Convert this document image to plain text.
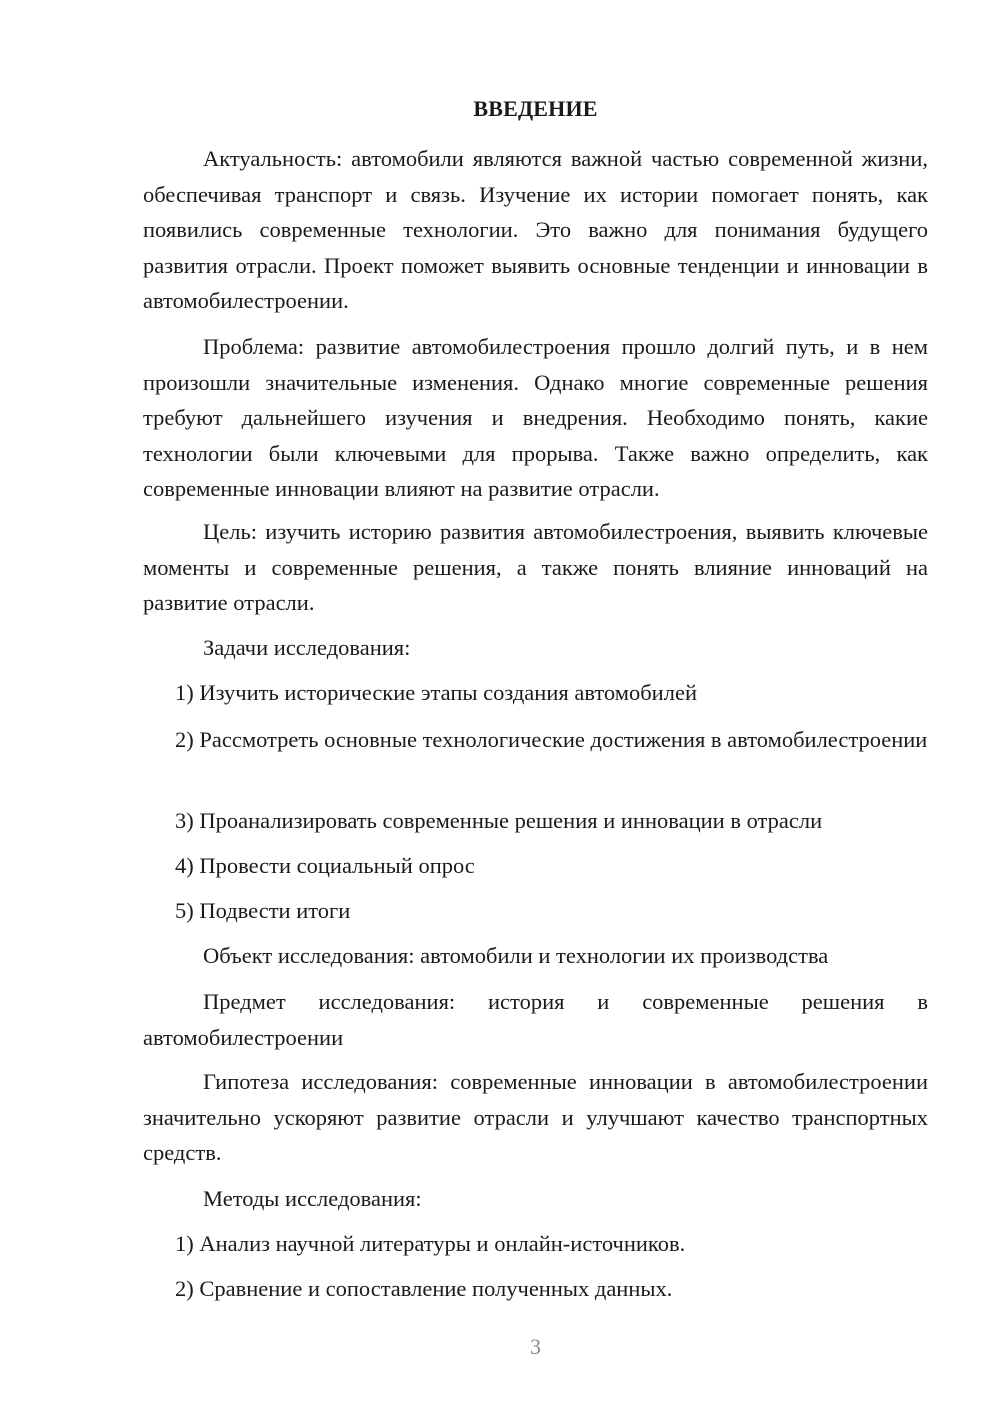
ВВЕДЕНИЕ

Актуальность: автомобили являются важной частью современной жизни, обеспечивая транспорт и связь. Изучение их истории помогает понять, как появились современные технологии. Это важно для понимания будущего развития отрасли. Проект поможет выявить основные тенденции и инновации в автомобилестроении.

Проблема: развитие автомобилестроения прошло долгий путь, и в нем произошли значительные изменения. Однако многие современные решения требуют дальнейшего изучения и внедрения. Необходимо понять, какие технологии были ключевыми для прорыва. Также важно определить, как современные инновации влияют на развитие отрасли.

Цель: изучить историю развития автомобилестроения, выявить ключевые моменты и современные решения, а также понять влияние инноваций на развитие отрасли.

Задачи исследования:

1) Изучить исторические этапы создания автомобилей

2) Рассмотреть основные технологические достижения в автомобилестроении

3) Проанализировать современные решения и инновации в отрасли

4) Провести социальный опрос

5) Подвести итоги

Объект исследования: автомобили и технологии их производства

Предмет исследования: история и современные решения в автомобилестроении

Гипотеза исследования: современные инновации в автомобилестроении значительно ускоряют развитие отрасли и улучшают качество транспортных средств.

Методы исследования:

1) Анализ научной литературы и онлайн-источников.

2) Сравнение и сопоставление полученных данных.

3
